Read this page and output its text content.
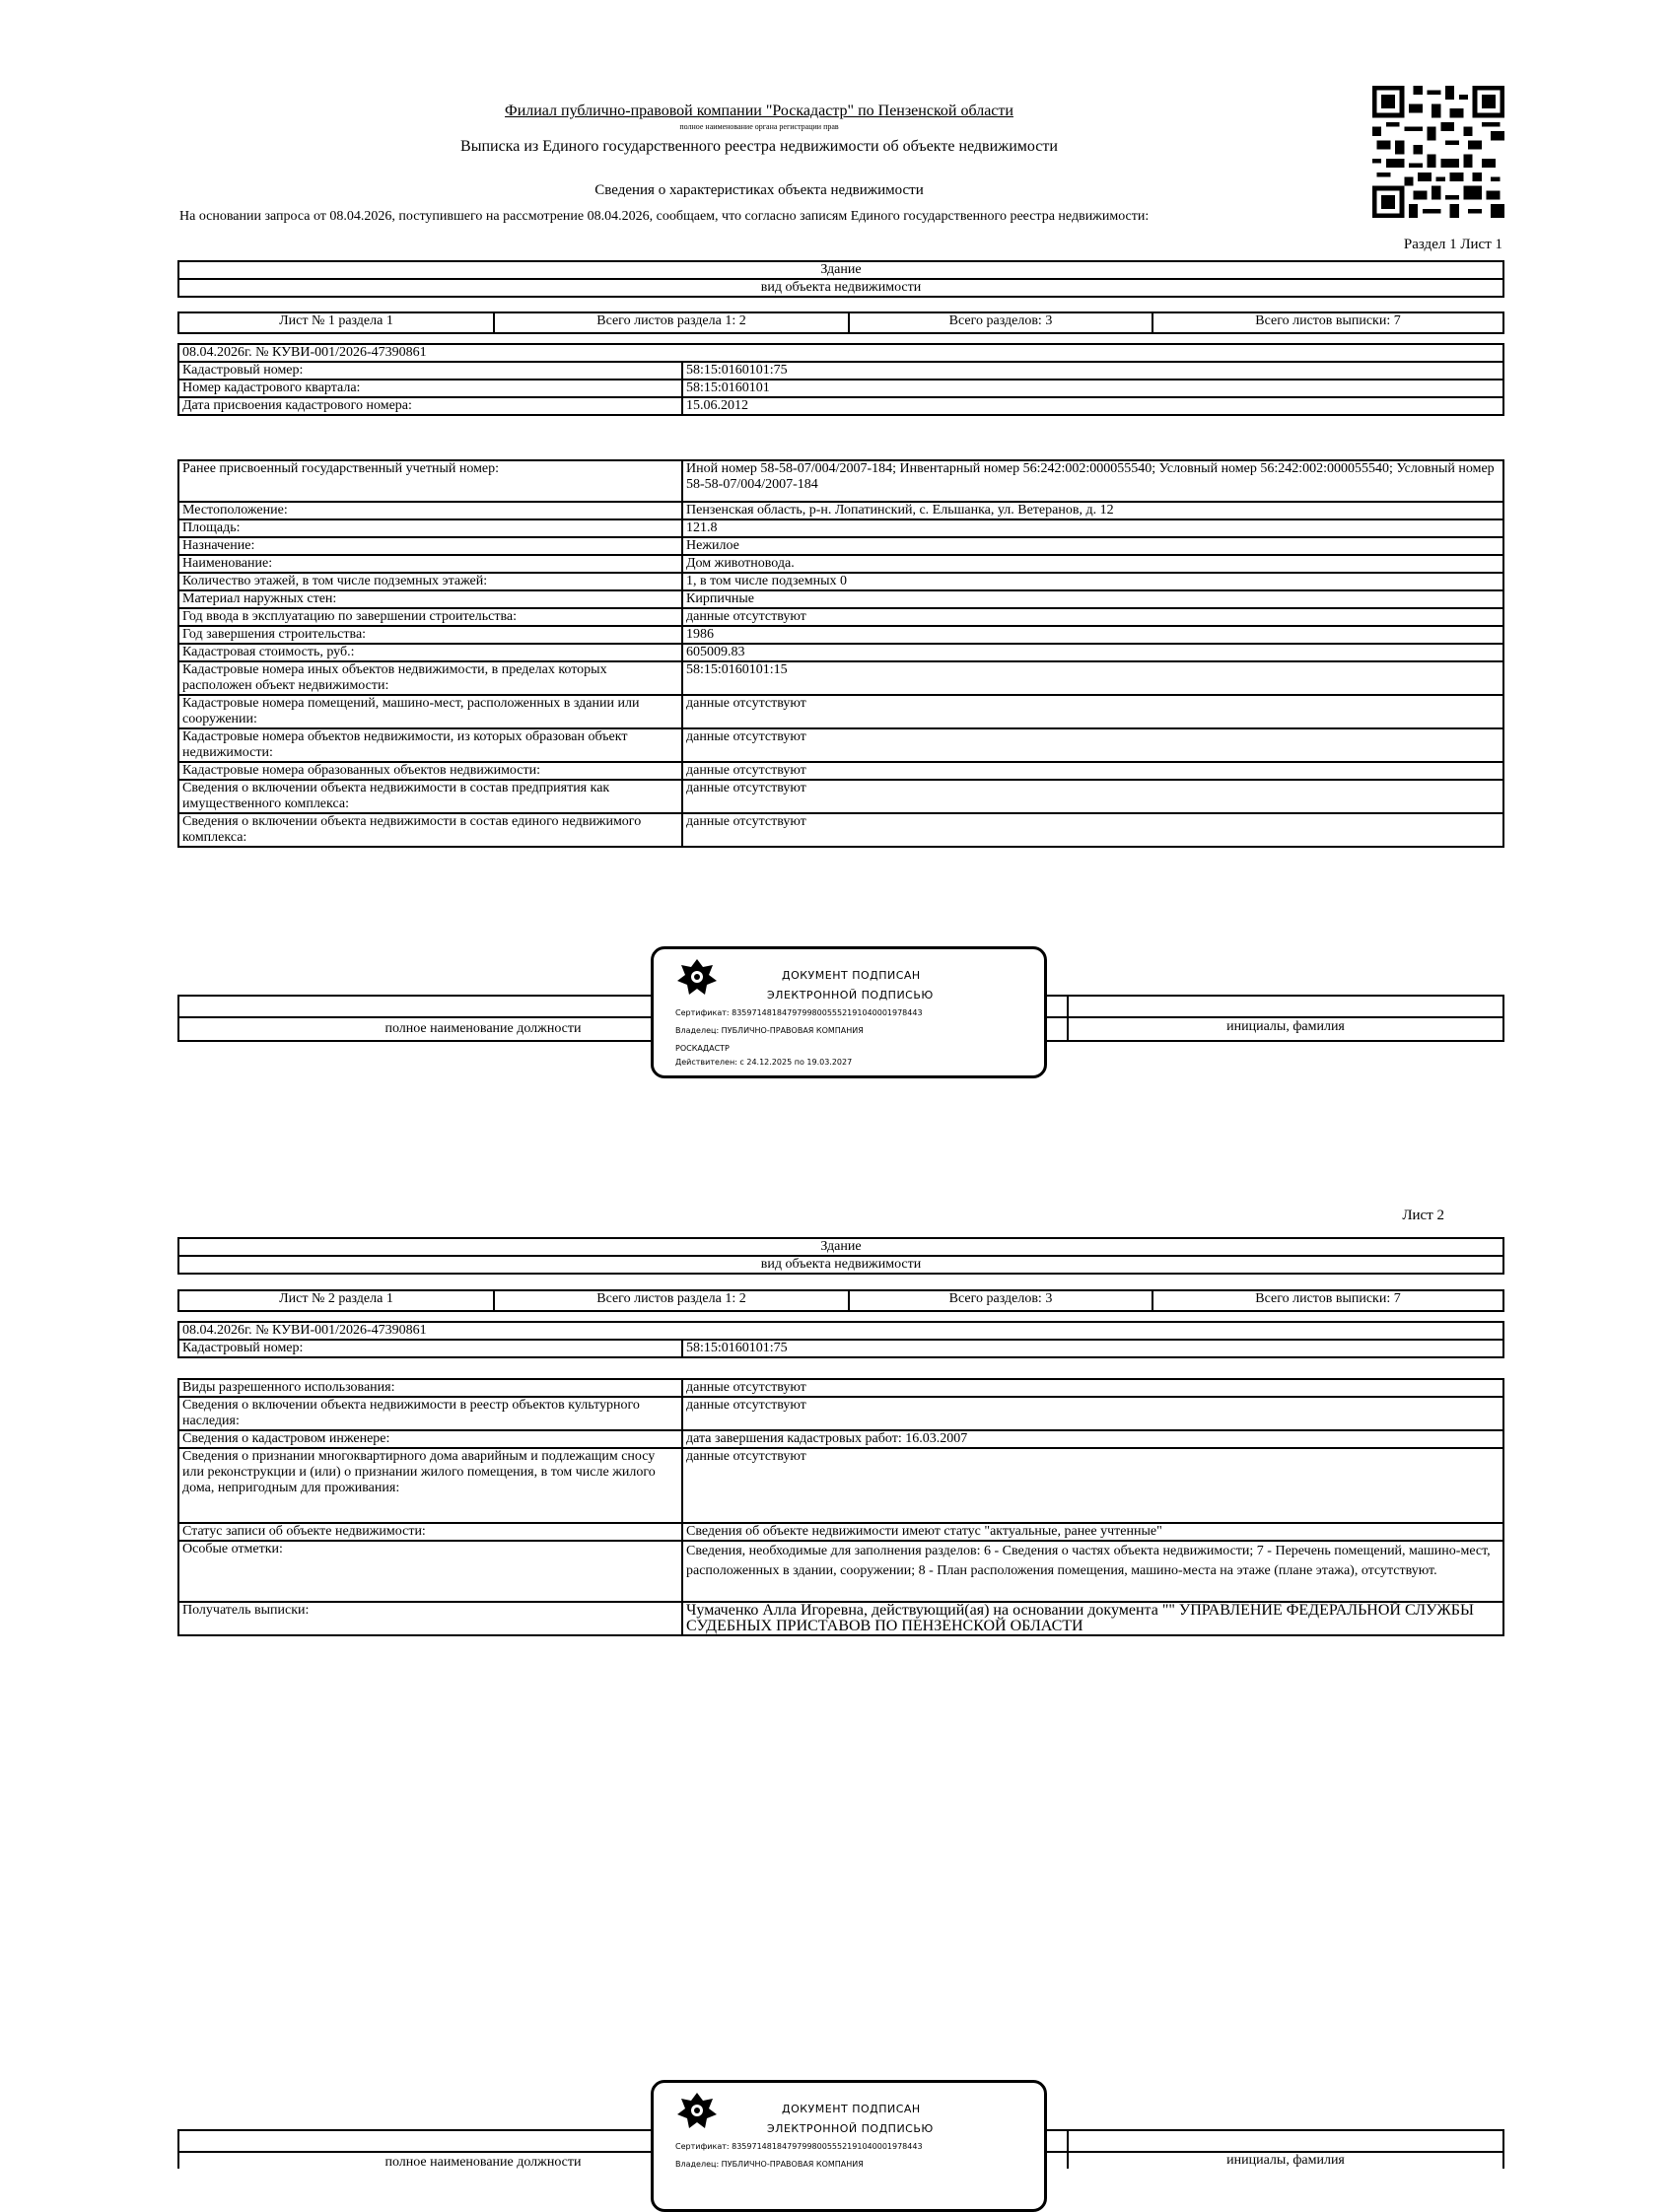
Филиал публично-правовой компании "Роскадастр" по Пензенской области
полное наименование органа регистрации прав
Выписка из Единого государственного реестра недвижимости об объекте недвижимости
Сведения о характеристиках объекта недвижимости
На основании запроса от 08.04.2026, поступившего на рассмотрение 08.04.2026, сообщаем, что согласно записям Единого государственного реестра недвижимости:
Раздел 1 Лист 1
Здание
вид объекта недвижимости
Лист № 1 раздела 1	Всего листов раздела 1: 2	Всего разделов: 3	Всего листов выписки: 7
08.04.2026г. № КУВИ-001/2026-47390861	
Кадастровый номер:	58:15:0160101:75
Номер кадастрового квартала:	58:15:0160101
Дата присвоения кадастрового номера:	15.06.2012
Ранее присвоенный государственный учетный номер:	Иной номер 58-58-07/004/2007-184; Инвентарный номер 56:242:002:000055540; Условный номер 56:242:002:000055540; Условный номер 58-58-07/004/2007-184
Местоположение:	Пензенская область, р-н. Лопатинский, с. Ельшанка, ул. Ветеранов, д. 12
Площадь:	121.8
Назначение:	Нежилое
Наименование:	Дом животновода.
Количество этажей, в том числе подземных этажей:	1, в том числе подземных 0
Материал наружных стен:	Кирпичные
Год ввода в эксплуатацию по завершении строительства:	данные отсутствуют
Год завершения строительства:	1986
Кадастровая стоимость, руб.:	605009.83
Кадастровые номера иных объектов недвижимости, в пределах которых расположен объект недвижимости:	58:15:0160101:15
Кадастровые номера помещений, машино-мест, расположенных в здании или сооружении:	данные отсутствуют
Кадастровые номера объектов недвижимости, из которых образован объект недвижимости:	данные отсутствуют
Кадастровые номера образованных объектов недвижимости:	данные отсутствуют
Сведения о включении объекта недвижимости в состав предприятия как имущественного комплекса:	данные отсутствуют
Сведения о включении объекта недвижимости в состав единого недвижимого комплекса:	данные отсутствуют
полное наименование должности	инициалы, фамилия
ДОКУМЕНТ ПОДПИСАН
ЭЛЕКТРОННОЙ ПОДПИСЬЮ
Сертификат: 83597148184797998005552191040001978443
Владелец: ПУБЛИЧНО-ПРАВОВАЯ КОМПАНИЯ
РОСКАДАСТР
Действителен: с 24.12.2025 по 19.03.2027
Лист 2
Здание
вид объекта недвижимости
Лист № 2 раздела 1	Всего листов раздела 1: 2	Всего разделов: 3	Всего листов выписки: 7
08.04.2026г. № КУВИ-001/2026-47390861
Кадастровый номер:	58:15:0160101:75
Виды разрешенного использования:	данные отсутствуют
Сведения о включении объекта недвижимости в реестр объектов культурного наследия:	данные отсутствуют
Сведения о кадастровом инженере:	дата завершения кадастровых работ: 16.03.2007
Сведения о признании многоквартирного дома аварийным и подлежащим сносу или реконструкции и (или) о признании жилого помещения, в том числе жилого дома, непригодным для проживания:	данные отсутствуют
Статус записи об объекте недвижимости:	Сведения об объекте недвижимости имеют статус "актуальные, ранее учтенные"
Особые отметки:	Сведения, необходимые для заполнения разделов: 6 - Сведения о частях объекта недвижимости; 7 - Перечень помещений, машино-мест, расположенных в здании, сооружении; 8 - План расположения помещения, машино-места на этаже (плане этажа), отсутствуют.
Получатель выписки:	Чумаченко Алла Игоревна, действующий(ая) на основании документа "" УПРАВЛЕНИЕ ФЕДЕРАЛЬНОЙ СЛУЖБЫ СУДЕБНЫХ ПРИСТАВОВ ПО ПЕНЗЕНСКОЙ ОБЛАСТИ
полное наименование должности	инициалы, фамилия
ДОКУМЕНТ ПОДПИСАН
ЭЛЕКТРОННОЙ ПОДПИСЬЮ
Сертификат: 83597148184797998005552191040001978443
Владелец: ПУБЛИЧНО-ПРАВОВАЯ КОМПАНИЯ
